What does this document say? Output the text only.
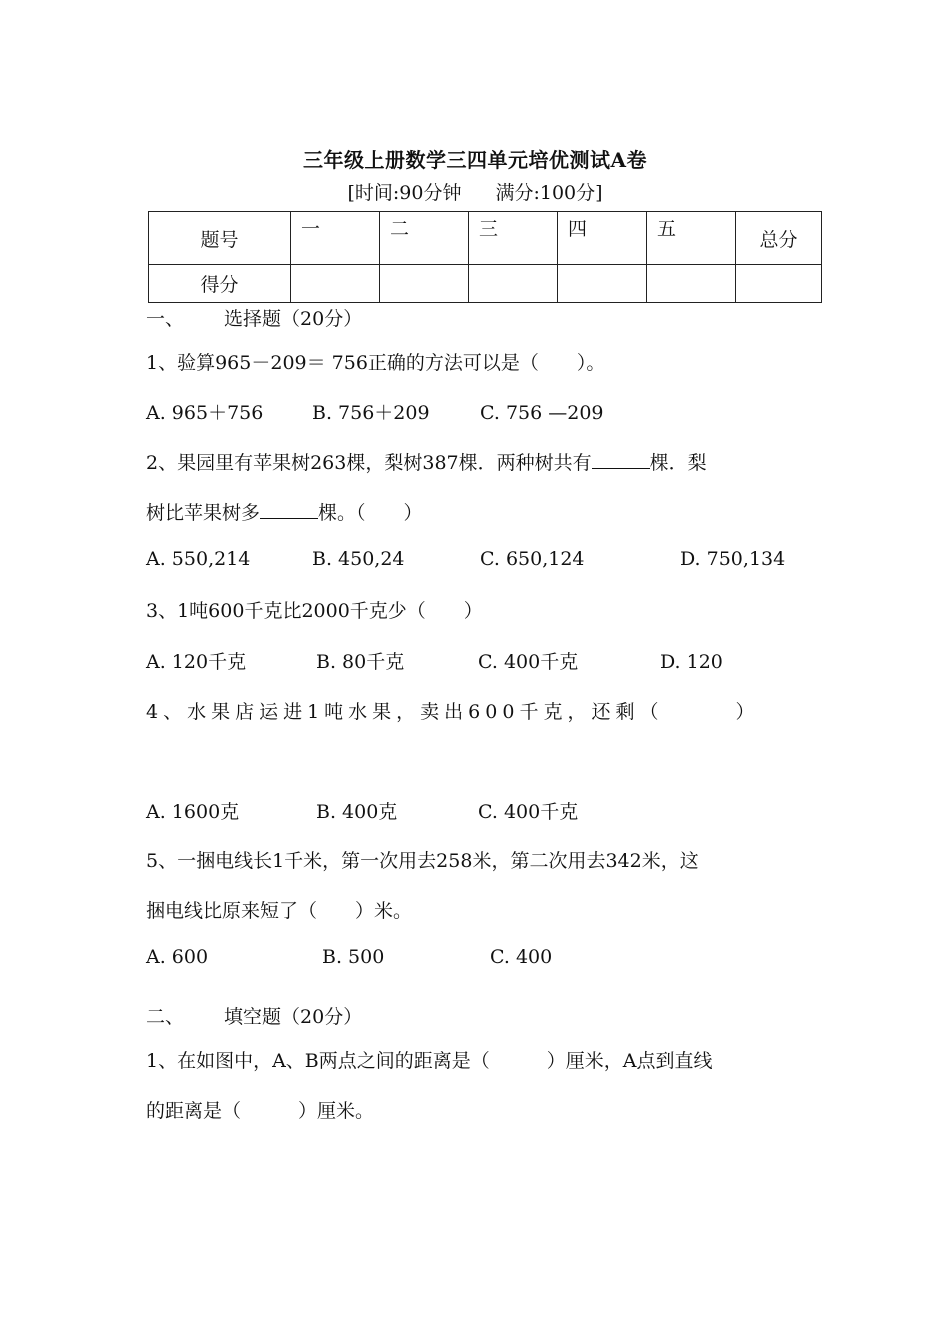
三年级上册数学三四单元培优测试A卷
[时间:90分钟 满分:100分]
题号	一	二	三	四	五	总分
得分						
一、 选择题（20分）
1、验算965－209＝ 756正确的方法可以是（　　）。
A. 965＋756	B. 756＋209	C. 756 —209
2、果园里有苹果树263棵，梨树387棵．两种树共有	棵．梨
树比苹果树多	棵。（　　）
A. 550,214	B. 450,24	C. 650,124	D. 750,134
3、1吨600千克比2000千克少（　　）
A. 120千克	B. 80千克	C. 400千克	D. 120
4、水果店运进1吨水果，卖出600千克，还剩（　　　）
A. 1600克	B. 400克	C. 400千克
5、一捆电线长1千米，第一次用去258米，第二次用去342米，这
捆电线比原来短了（　　）米。
A. 600	B. 500	C. 400
二、 填空题（20分）
1、在如图中，A、B两点之间的距离是（　　　）厘米，A点到直线
的距离是（　　　）厘米。
